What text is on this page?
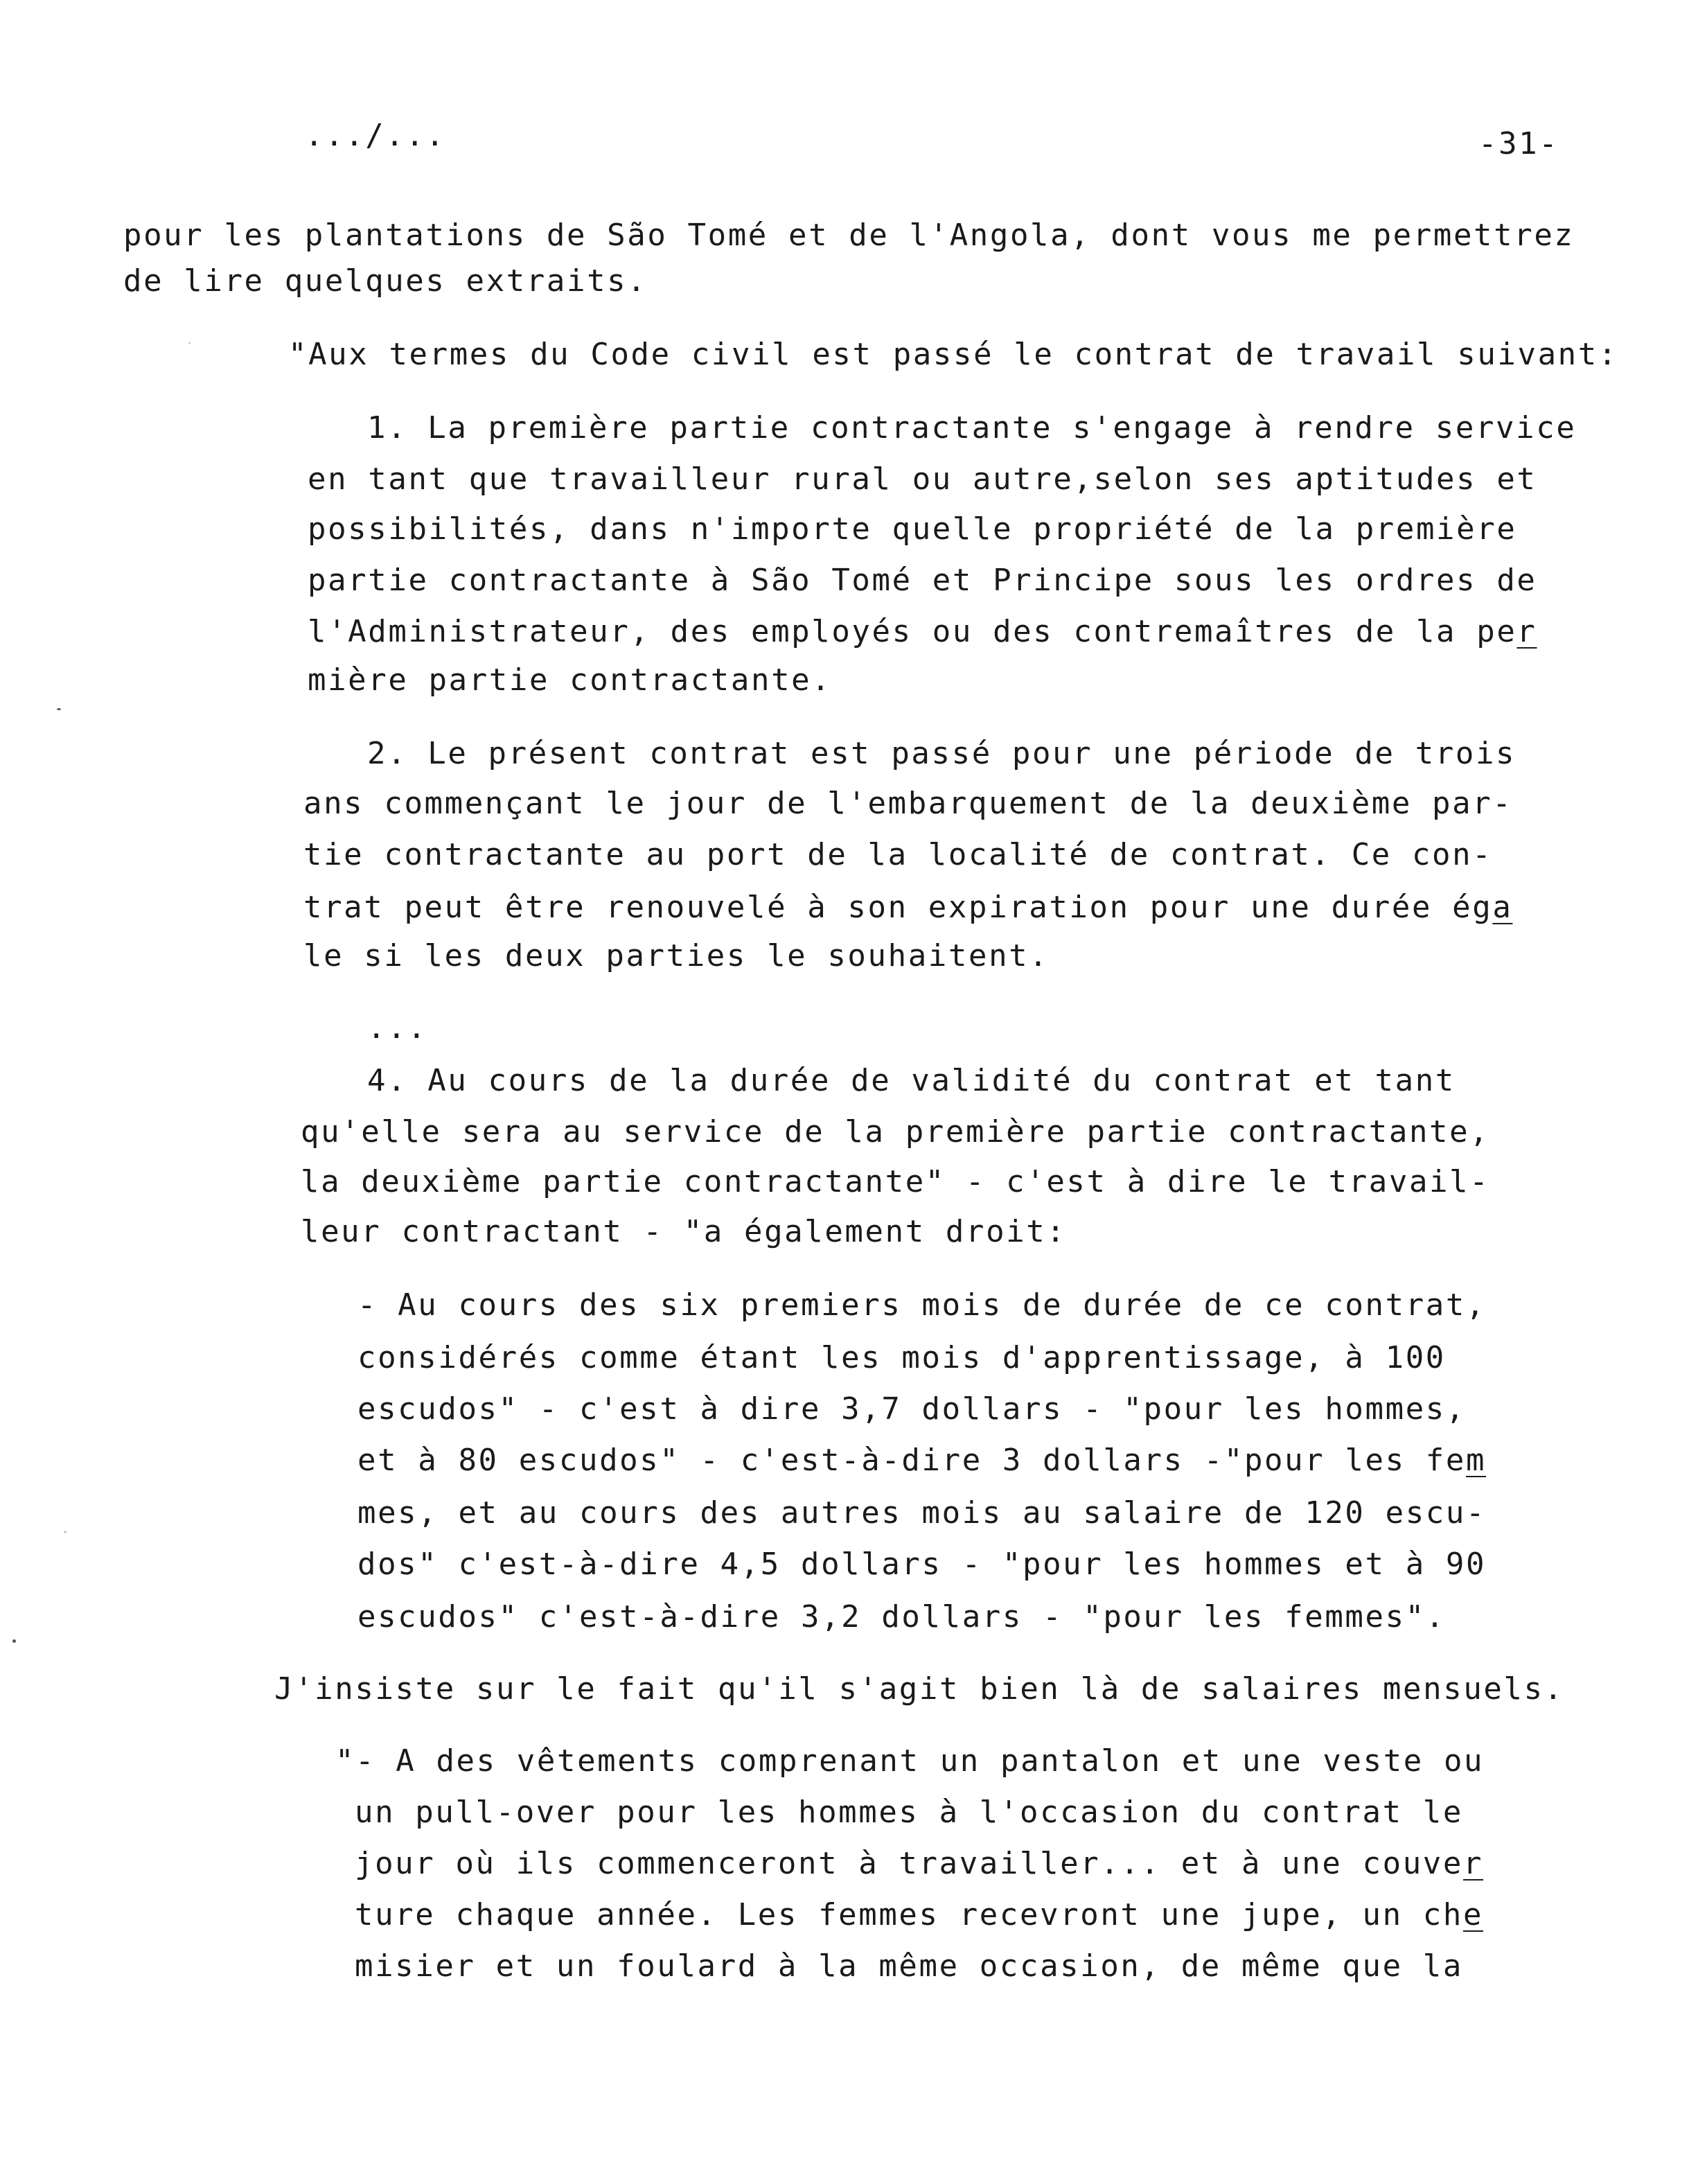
.../...	-31-
pour les plantations de São Tomé et de l'Angola, dont vous me permettrez
de lire quelques extraits.
"Aux termes du Code civil est passé le contrat de travail suivant:
1. La première partie contractante s'engage à rendre service
en tant que travailleur rural ou autre,selon ses aptitudes et
possibilités, dans n'importe quelle propriété de la première
partie contractante à São Tomé et Principe sous les ordres de
l'Administrateur, des employés ou des contremaîtres de la per
mière partie contractante.
2. Le présent contrat est passé pour une période de trois
ans commençant le jour de l'embarquement de la deuxième par-
tie contractante au port de la localité de contrat. Ce con-
trat peut être renouvelé à son expiration pour une durée éga
le si les deux parties le souhaitent.
...
4. Au cours de la durée de validité du contrat et tant
qu'elle sera au service de la première partie contractante,
la deuxième partie contractante" - c'est à dire le travail-
leur contractant - "a également droit:
- Au cours des six premiers mois de durée de ce contrat,
considérés comme étant les mois d'apprentissage, à 100
escudos" - c'est à dire 3,7 dollars - "pour les hommes,
et à 80 escudos" - c'est-à-dire 3 dollars -"pour les fem
mes, et au cours des autres mois au salaire de 120 escu-
dos" c'est-à-dire 4,5 dollars - "pour les hommes et à 90
escudos" c'est-à-dire 3,2 dollars - "pour les femmes".
J'insiste sur le fait qu'il s'agit bien là de salaires mensuels.
"- A des vêtements comprenant un pantalon et une veste ou
un pull-over pour les hommes à l'occasion du contrat le
jour où ils commenceront à travailler... et à une couver
ture chaque année. Les femmes recevront une jupe, un che
misier et un foulard à la même occasion, de même que la
